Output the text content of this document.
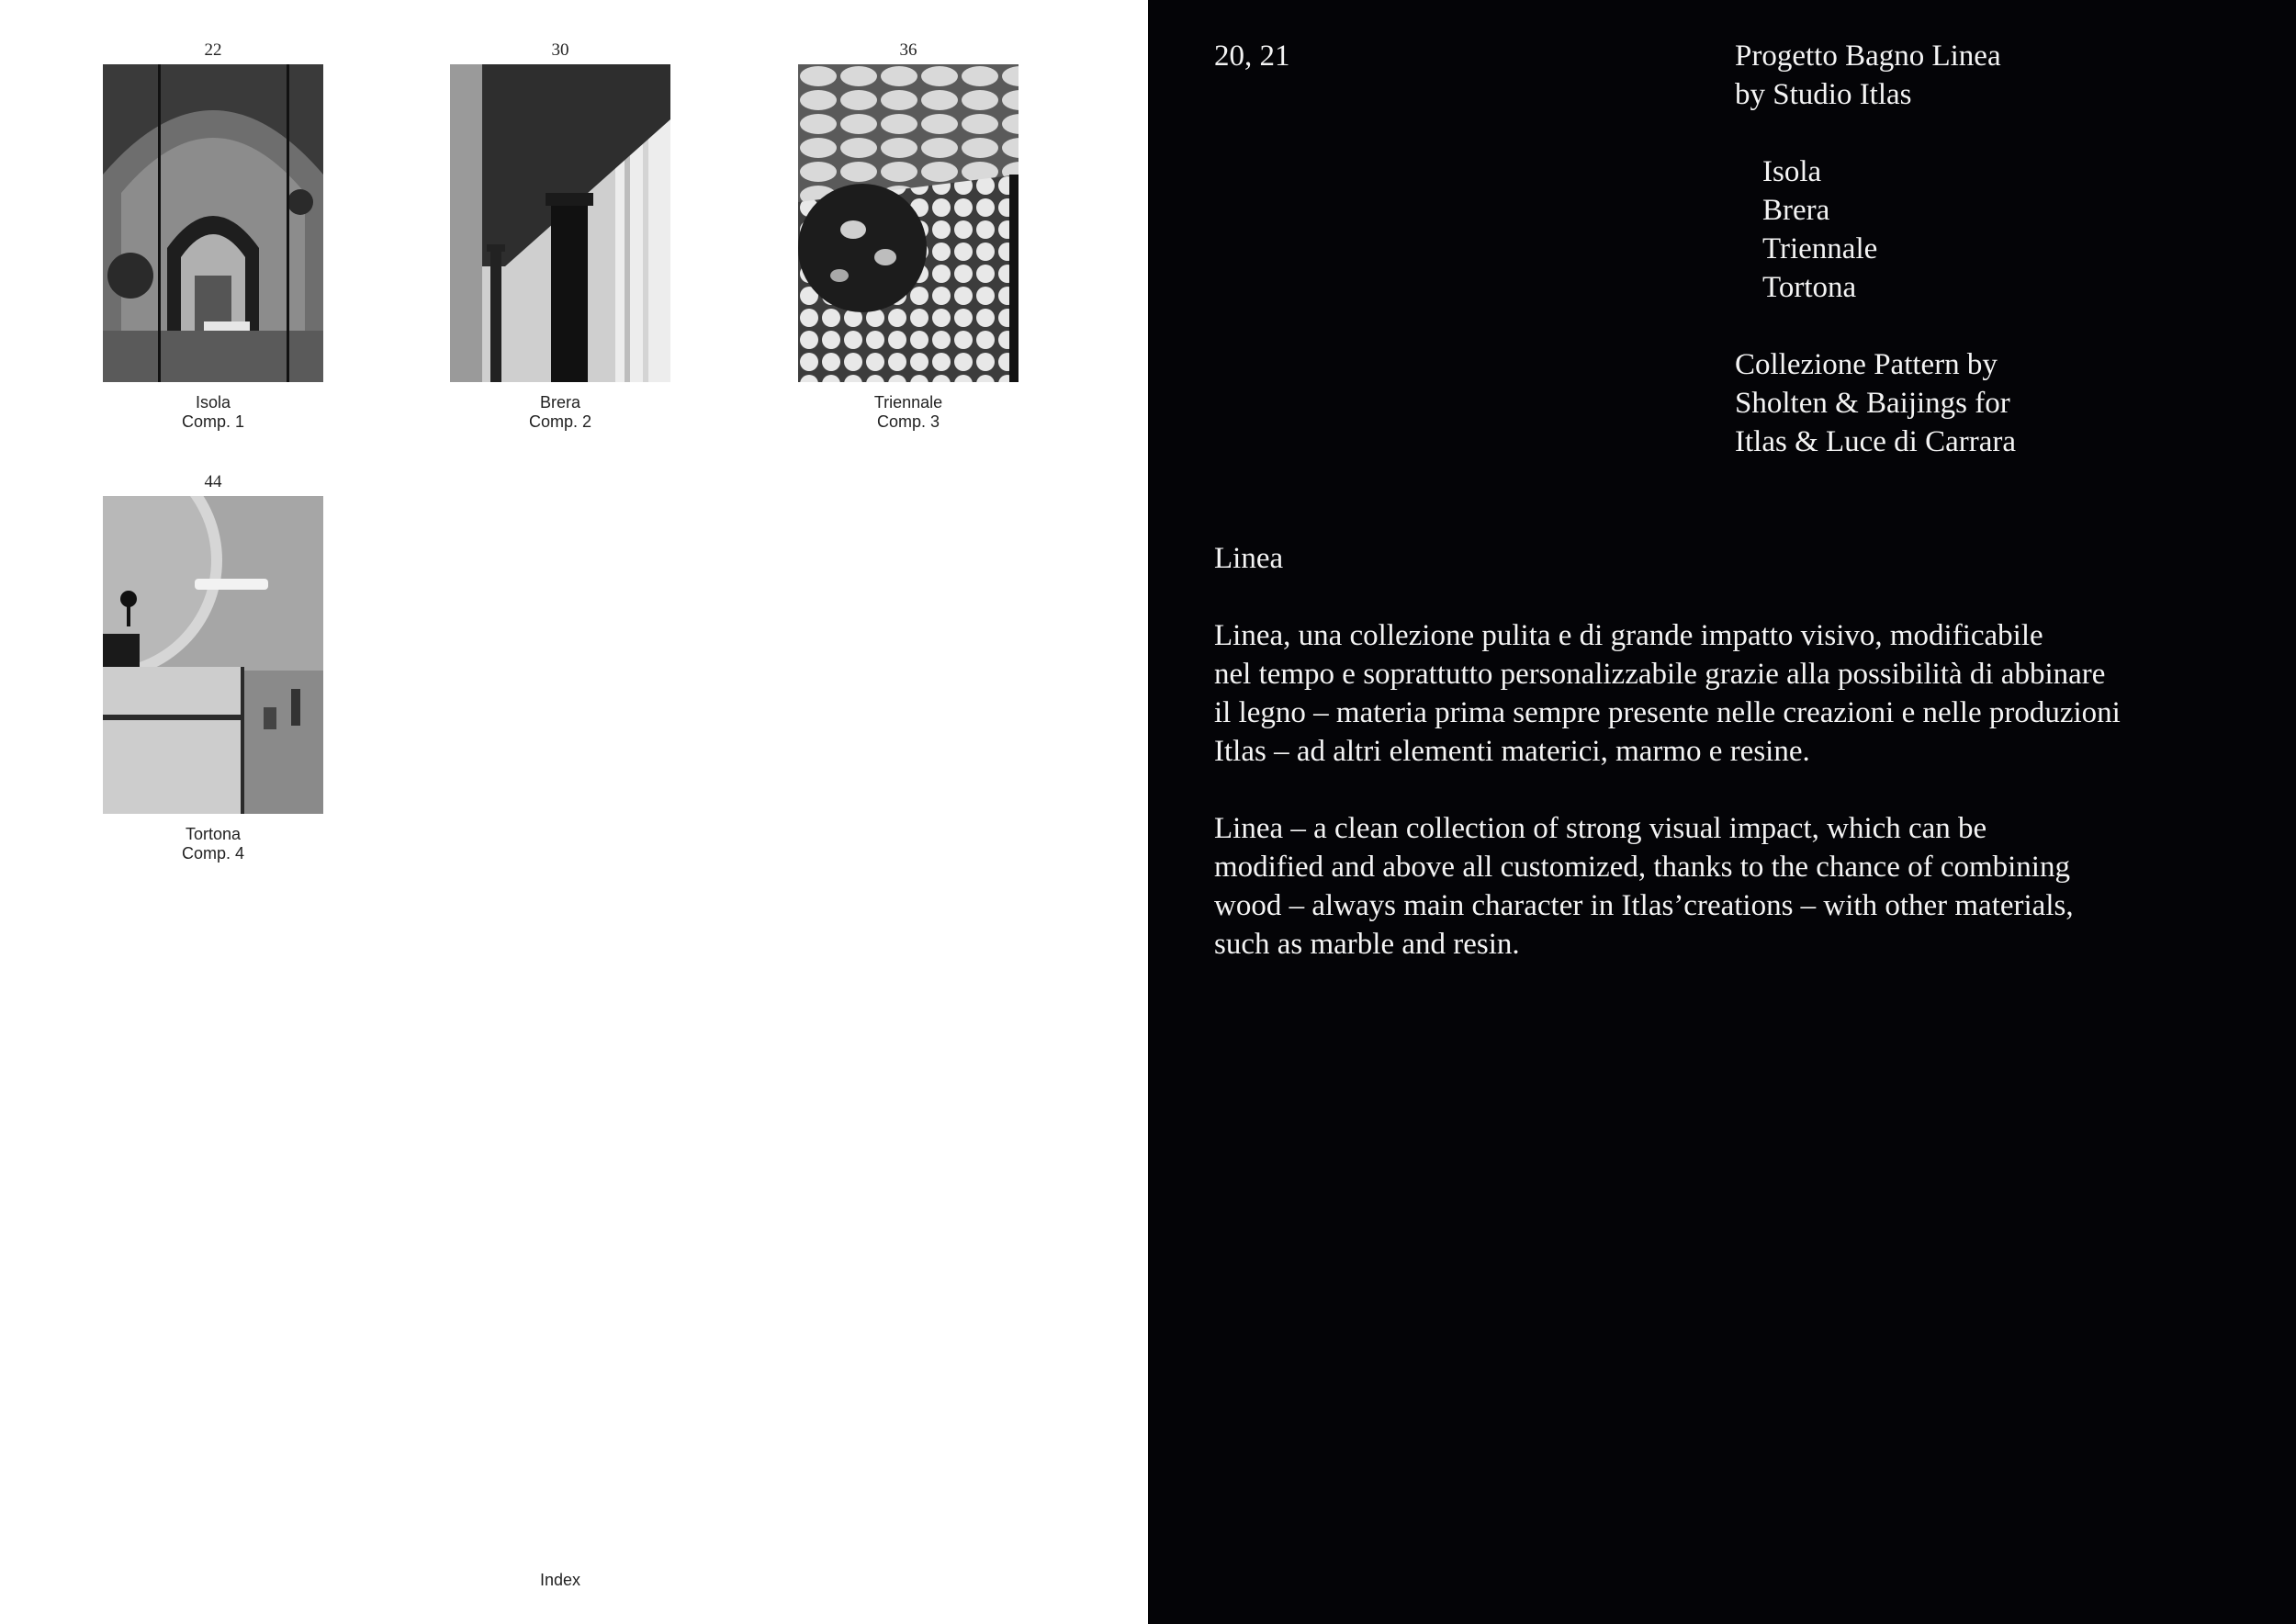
22
Isola
Comp. 1
30
Brera
Comp. 2
36
Triennale
Comp. 3
44
Tortona
Comp. 4
Index
20, 21	Progetto Bagno Linea
by Studio Itlas
Isola
Brera
Triennale
Tortona
Collezione Pattern by
Sholten & Baijings for
Itlas & Luce di Carrara
Linea
Linea, una collezione pulita e di grande impatto visivo, modificabile
nel tempo e soprattutto personalizzabile grazie alla possibilità di abbinare
il legno – materia prima sempre presente nelle creazioni e nelle produzioni
Itlas – ad altri elementi materici, marmo e resine.
Linea – a clean collection of strong visual impact, which can be
modified and above all customized, thanks to the chance of combining
wood – always main character in Itlas’creations – with other materials,
such as marble and resin.
